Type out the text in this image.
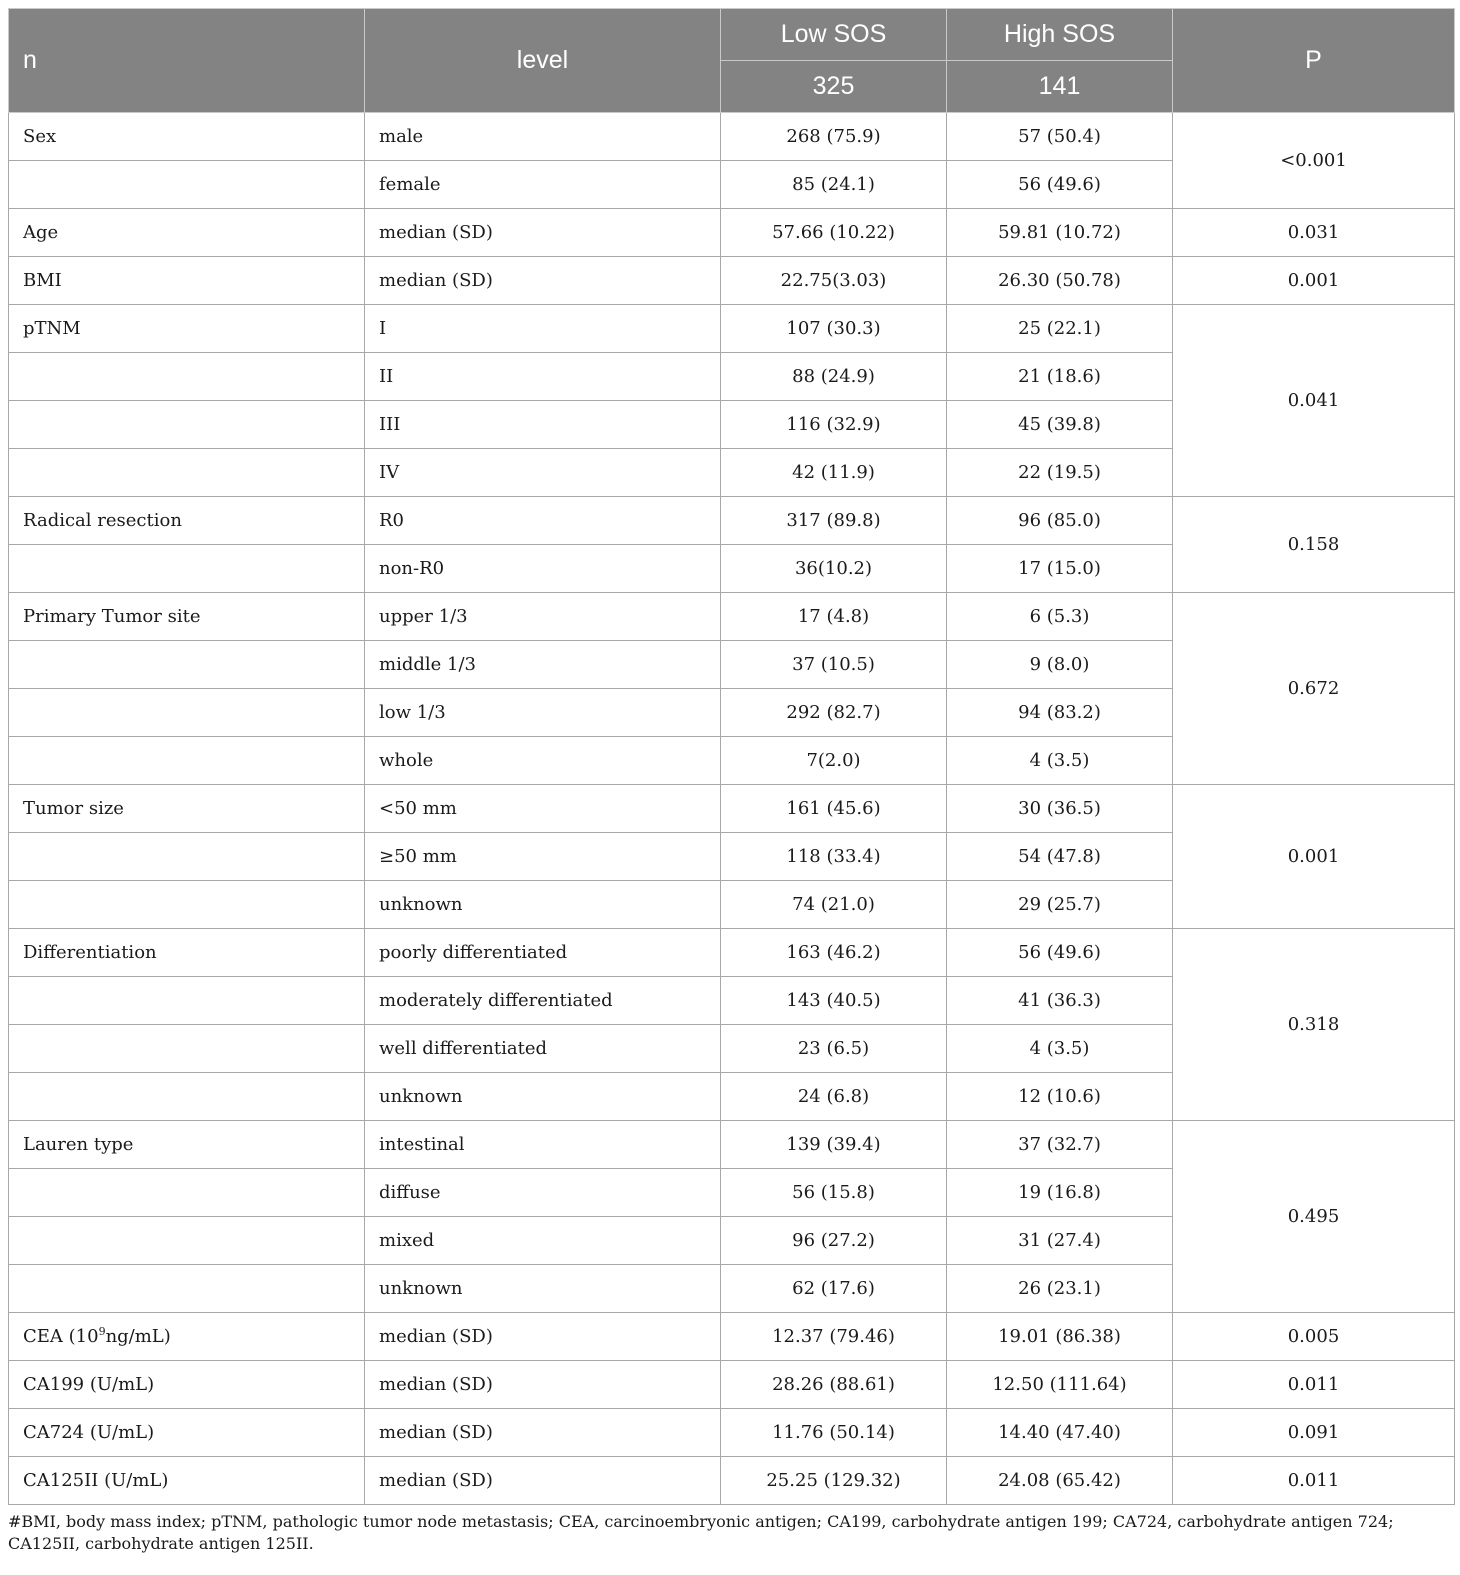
n	level	Low SOS	High SOS	P
		325	141	
Sex	male	268 (75.9)	57 (50.4)	<0.001
	female	85 (24.1)	56 (49.6)	
Age	median (SD)	57.66 (10.22)	59.81 (10.72)	0.031
BMI	median (SD)	22.75(3.03)	26.30 (50.78)	0.001
pTNM	I	107 (30.3)	25 (22.1)	0.041
	II	88 (24.9)	21 (18.6)	
	III	116 (32.9)	45 (39.8)	
	IV	42 (11.9)	22 (19.5)	
Radical resection	R0	317 (89.8)	96 (85.0)	0.158
	non-R0	36(10.2)	17 (15.0)	
Primary Tumor site	upper 1/3	17 (4.8)	6 (5.3)	0.672
	middle 1/3	37 (10.5)	9 (8.0)	
	low 1/3	292 (82.7)	94 (83.2)	
	whole	7(2.0)	4 (3.5)	
Tumor size	<50 mm	161 (45.6)	30 (36.5)	0.001
	≥50 mm	118 (33.4)	54 (47.8)	
	unknown	74 (21.0)	29 (25.7)	
Differentiation	poorly differentiated	163 (46.2)	56 (49.6)	0.318
	moderately differentiated	143 (40.5)	41 (36.3)	
	well differentiated	23 (6.5)	4 (3.5)	
	unknown	24 (6.8)	12 (10.6)	
Lauren type	intestinal	139 (39.4)	37 (32.7)	0.495
	diffuse	56 (15.8)	19 (16.8)	
	mixed	96 (27.2)	31 (27.4)	
	unknown	62 (17.6)	26 (23.1)	
CEA $(10^9ng/mL)$	median (SD)	12.37 (79.46)	19.01 (86.38)	0.005
CA199 (U/mL)	median (SD)	28.26 (88.61)	12.50 (111.64)	0.011
CA724 (U/mL)	median (SD)	11.76 (50.14)	14.40 (47.40)	0.091
CA125II (U/mL)	median (SD)	25.25 (129.32)	24.08 (65.42)	0.011
#BMI, body mass index; pTNM, pathologic tumor node metastasis; CEA, carcinoembryonic antigen; CA199, carbohydrate antigen 199; CA724, carbohydrate antigen 724; CA125II, carbohydrate antigen 125II.
